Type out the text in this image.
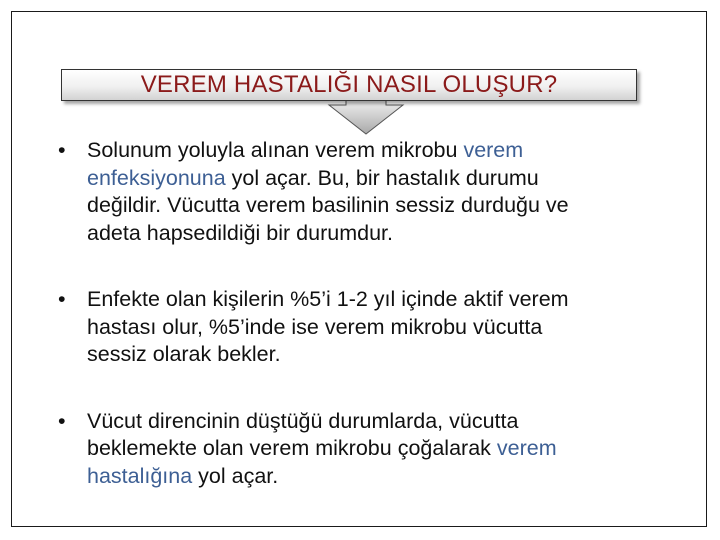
VEREM HASTALIĞI NASIL OLUŞUR?
• Solunum yoluyla alınan verem mikrobu verem
enfeksiyonuna yol açar. Bu, bir hastalık durumu
değildir. Vücutta verem basilinin sessiz durduğu ve
adeta hapsedildiği bir durumdur.
• Enfekte olan kişilerin %5’i 1-2 yıl içinde aktif verem
hastası olur, %5’inde ise verem mikrobu vücutta
sessiz olarak bekler.
• Vücut direncinin düştüğü durumlarda, vücutta
beklemekte olan verem mikrobu çoğalarak verem
hastalığına yol açar.
